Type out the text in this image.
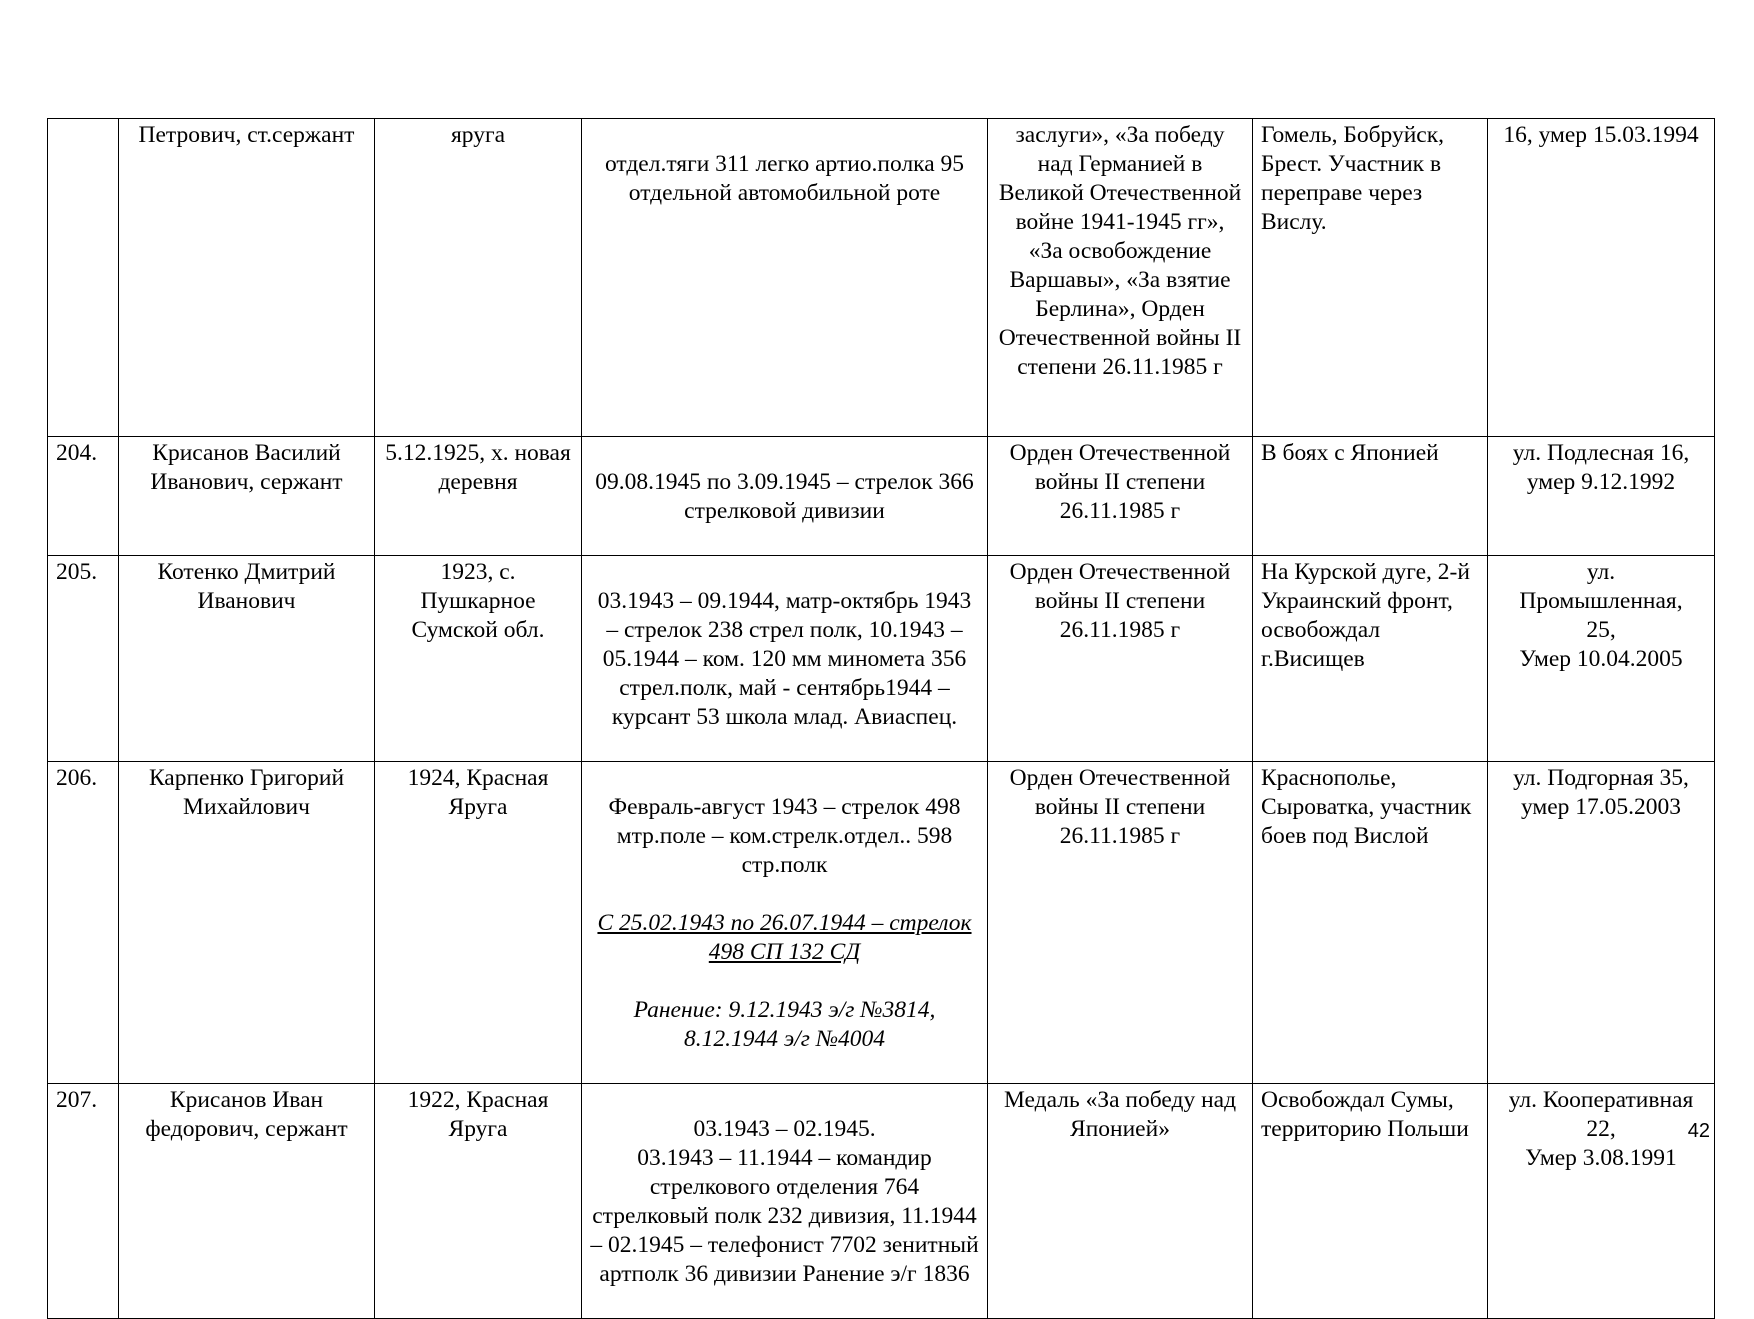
	Петрович, ст.сержант	яруга	отдел.тяги 311 легко артио.полка 95 отдельной автомобильной роте	заслуги», «За победу над Германией в Великой Отечественной войне 1941-1945 гг», «За освобождение Варшавы», «За взятие Берлина», Орден Отечественной войны II степени 26.11.1985 г	Гомель, Бобруйск, Брест. Участник в переправе через Вислу.	16, умер 15.03.1994
204.	Крисанов Василий Иванович, сержант	5.12.1925, х. новая деревня	09.08.1945 по 3.09.1945 – стрелок 366 стрелковой дивизии	Орден Отечественной войны II степени 26.11.1985 г	В боях с Японией	ул. Подлесная 16, умер 9.12.1992
205.	Котенко Дмитрий Иванович	1923, с. Пушкарное Сумской обл.	03.1943 – 09.1944, матр-октябрь 1943 – стрелок 238 стрел полк, 10.1943 – 05.1944 – ком. 120 мм миномета 356 стрел.полк, май - сентябрь1944 – курсант 53 школа млад. Авиаспец.	Орден Отечественной войны II степени 26.11.1985 г	На Курской дуге, 2-й Украинский фронт, освобождал г.Висищев	ул.
Промышленная,
25,
Умер 10.04.2005
206.	Карпенко Григорий Михайлович	1924, Красная Яруга	Февраль-август 1943 – стрелок 498 мтр.поле – ком.стрелк.отдел.. 598 стр.полк

С 25.02.1943 по 26.07.1944 – стрелок 498 СП 132 СД

Ранение: 9.12.1943 э/г №3814, 8.12.1944 э/г №4004	Орден Отечественной войны II степени 26.11.1985 г	Краснополье, Сыроватка, участник боев под Вислой	ул. Подгорная 35, умер 17.05.2003
207.	Крисанов Иван федорович, сержант	1922, Красная Яруга	03.1943 – 02.1945.
03.1943 – 11.1944 – командир стрелкового отделения 764 стрелковый полк 232 дивизия, 11.1944 – 02.1945 – телефонист 7702 зенитный артполк 36 дивизии Ранение э/г 1836	Медаль «За победу над Японией»	Освобождал Сумы, территорию Польши	ул. Кооперативная 22,
Умер 3.08.1991
42
